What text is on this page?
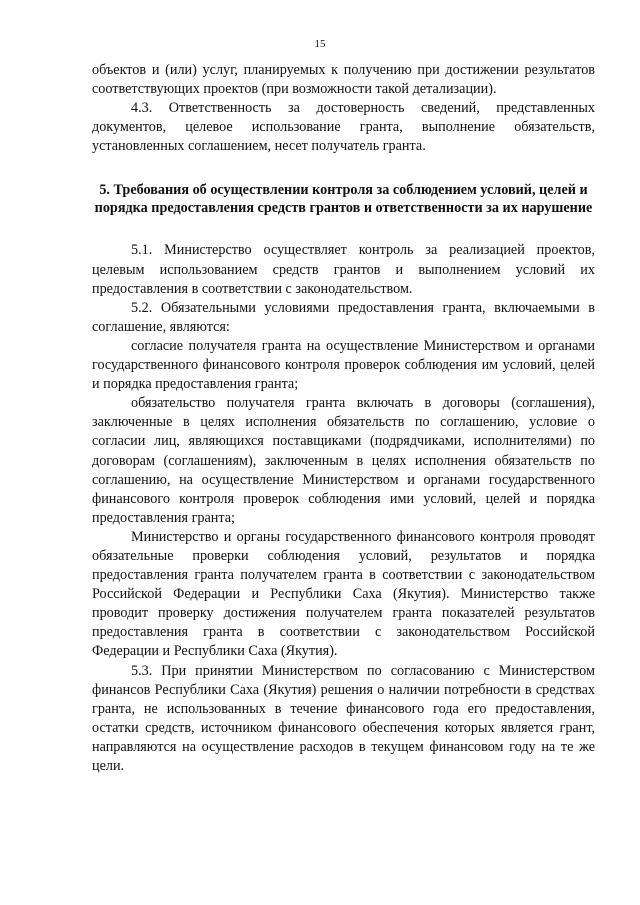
15

объектов и (или) услуг, планируемых к получению при достижении результатов соответствующих проектов (при возможности такой детализации).

4.3. Ответственность за достоверность сведений, представленных документов, целевое использование гранта, выполнение обязательств, установленных соглашением, несет получатель гранта.

5. Требования об осуществлении контроля за соблюдением условий, целей и порядка предоставления средств грантов и ответственности за их нарушение

5.1. Министерство осуществляет контроль за реализацией проектов, целевым использованием средств грантов и выполнением условий их предоставления в соответствии с законодательством.

5.2. Обязательными условиями предоставления гранта, включаемыми в соглашение, являются:

согласие получателя гранта на осуществление Министерством и органами государственного финансового контроля проверок соблюдения им условий, целей и порядка предоставления гранта;

обязательство получателя гранта включать в договоры (соглашения), заключенные в целях исполнения обязательств по соглашению, условие о согласии лиц, являющихся поставщиками (подрядчиками, исполнителями) по договорам (соглашениям), заключенным в целях исполнения обязательств по соглашению, на осуществление Министерством и органами государственного финансового контроля проверок соблюдения ими условий, целей и порядка предоставления гранта;

Министерство и органы государственного финансового контроля проводят обязательные проверки соблюдения условий, результатов и порядка предоставления гранта получателем гранта в соответствии с законодательством Российской Федерации и Республики Саха (Якутия). Министерство также проводит проверку достижения получателем гранта показателей результатов предоставления гранта в соответствии с законодательством Российской Федерации и Республики Саха (Якутия).

5.3. При принятии Министерством по согласованию с Министерством финансов Республики Саха (Якутия) решения о наличии потребности в средствах гранта, не использованных в течение финансового года его предоставления, остатки средств, источником финансового обеспечения которых является грант, направляются на осуществление расходов в текущем финансовом году на те же цели.
